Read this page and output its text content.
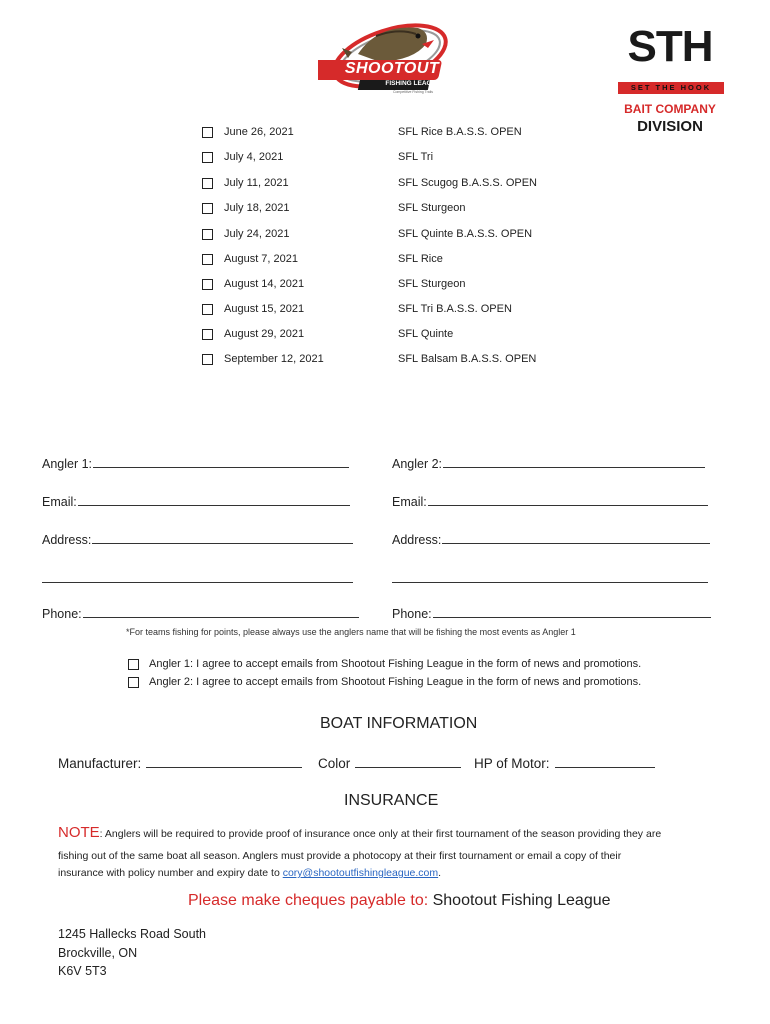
SHOOTOUT
FISHING LEAGUE
Competitive Fishing Trails
STH
SET THE HOOK
BAIT COMPANY
DIVISION
June 26, 2021	SFL Rice B.A.S.S. OPEN
July 4, 2021	SFL Tri
July 11, 2021	SFL Scugog B.A.S.S. OPEN
July 18, 2021	SFL Sturgeon
July 24, 2021	SFL Quinte B.A.S.S. OPEN
August 7, 2021	SFL Rice
August 14, 2021	SFL Sturgeon
August 15, 2021	SFL Tri B.A.S.S. OPEN
August 29, 2021	SFL Quinte
September 12, 2021	SFL Balsam B.A.S.S. OPEN
Angler 1:	Angler 2:
Email:	Email:
Address:	Address:
Phone:	Phone:
*For teams fishing for points, please always use the anglers name that will be fishing the most events as Angler 1
Angler 1: I agree to accept emails from Shootout Fishing League in the form of news and promotions.
Angler 2: I agree to accept emails from Shootout Fishing League in the form of news and promotions.
BOAT INFORMATION
Manufacturer:	Color	HP of Motor:
INSURANCE
NOTE: Anglers will be required to provide proof of insurance once only at their first tournament of the season providing they are
fishing out of the same boat all season. Anglers must provide a photocopy at their first tournament or email a copy of their
insurance with policy number and expiry date to cory@shootoutfishingleague.com.
Please make cheques payable to: Shootout Fishing League
1245 Hallecks Road South
Brockville, ON
K6V 5T3
